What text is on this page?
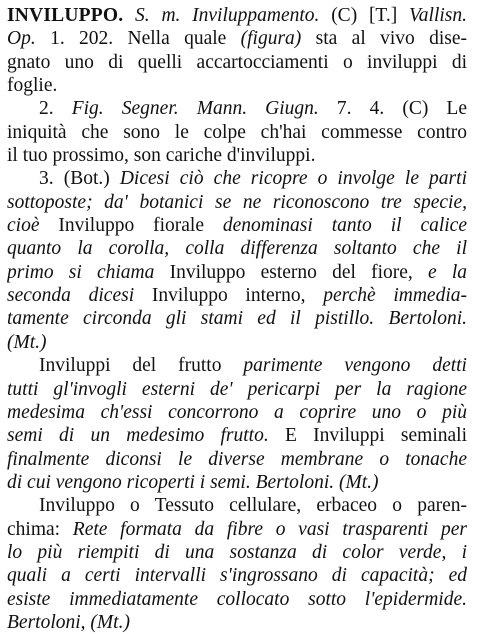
INVILUPPO. S. m. Inviluppamento. (C) [T.] Vallisn.
Op. 1. 202. Nella quale (figura) sta al vivo dise-
gnato uno di quelli accartocciamenti o inviluppi di
foglie.
2. Fig. Segner. Mann. Giugn. 7. 4. (C) Le
iniquità che sono le colpe ch'hai commesse contro
il tuo prossimo, son cariche d'inviluppi.
3. (Bot.) Dicesi ciò che ricopre o involge le parti
sottoposte; da' botanici se ne riconoscono tre specie,
cioè Inviluppo fiorale denominasi tanto il calice
quanto la corolla, colla differenza soltanto che il
primo si chiama Inviluppo esterno del fiore, e la
seconda dicesi Inviluppo interno, perchè immedia-
tamente circonda gli stami ed il pistillo. Bertoloni.
(Mt.)
Inviluppi del frutto parimente vengono detti
tutti gl'invogli esterni de' pericarpi per la ragione
medesima ch'essi concorrono a coprire uno o più
semi di un medesimo frutto. E Inviluppi seminali
finalmente diconsi le diverse membrane o tonache
di cui vengono ricoperti i semi. Bertoloni. (Mt.)
Inviluppo o Tessuto cellulare, erbaceo o paren-
chima: Rete formata da fibre o vasi trasparenti per
lo più riempiti di una sostanza di color verde, i
quali a certi intervalli s'ingrossano di capacità; ed
esiste immediatamente collocato sotto l'epidermide.
Bertoloni, (Mt.)
